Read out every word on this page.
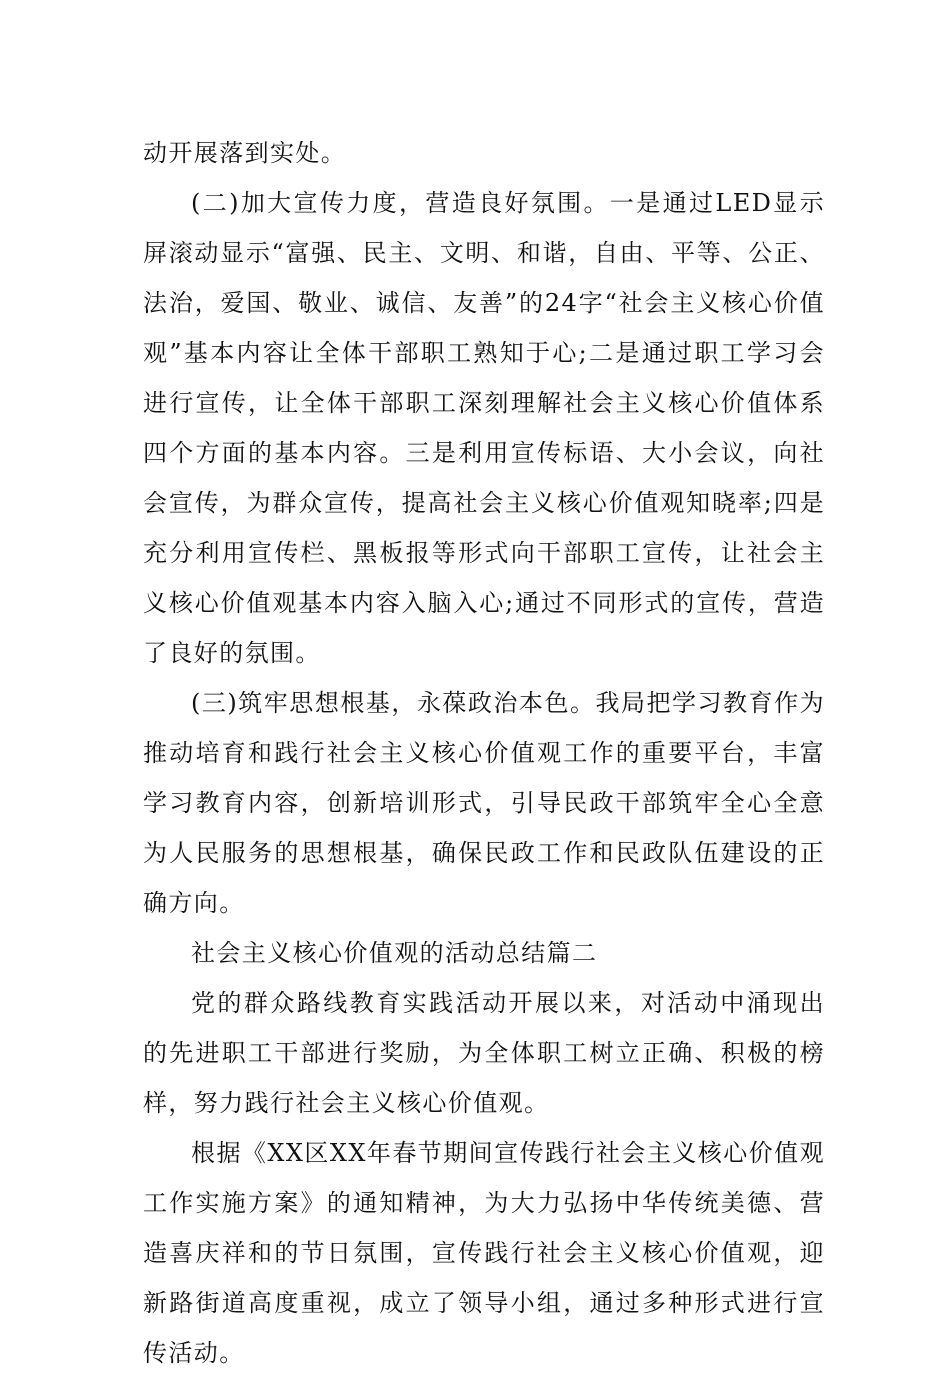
动开展落到实处。

(二)加大宣传力度，营造良好氛围。一是通过LED显示屏滚动显示“富强、民主、文明、和谐，自由、平等、公正、法治，爱国、敬业、诚信、友善”的24字“社会主义核心价值观”基本内容让全体干部职工熟知于心;二是通过职工学习会进行宣传，让全体干部职工深刻理解社会主义核心价值体系四个方面的基本内容。三是利用宣传标语、大小会议，向社会宣传，为群众宣传，提高社会主义核心价值观知晓率;四是充分利用宣传栏、黑板报等形式向干部职工宣传，让社会主义核心价值观基本内容入脑入心;通过不同形式的宣传，营造了良好的氛围。

(三)筑牢思想根基，永葆政治本色。我局把学习教育作为推动培育和践行社会主义核心价值观工作的重要平台，丰富学习教育内容，创新培训形式，引导民政干部筑牢全心全意为人民服务的思想根基，确保民政工作和民政队伍建设的正确方向。

社会主义核心价值观的活动总结篇二

党的群众路线教育实践活动开展以来，对活动中涌现出的先进职工干部进行奖励，为全体职工树立正确、积极的榜样，努力践行社会主义核心价值观。

根据《XX区XX年春节期间宣传践行社会主义核心价值观工作实施方案》的通知精神，为大力弘扬中华传统美德、营造喜庆祥和的节日氛围，宣传践行社会主义核心价值观，迎新路街道高度重视，成立了领导小组，通过多种形式进行宣传活动。
